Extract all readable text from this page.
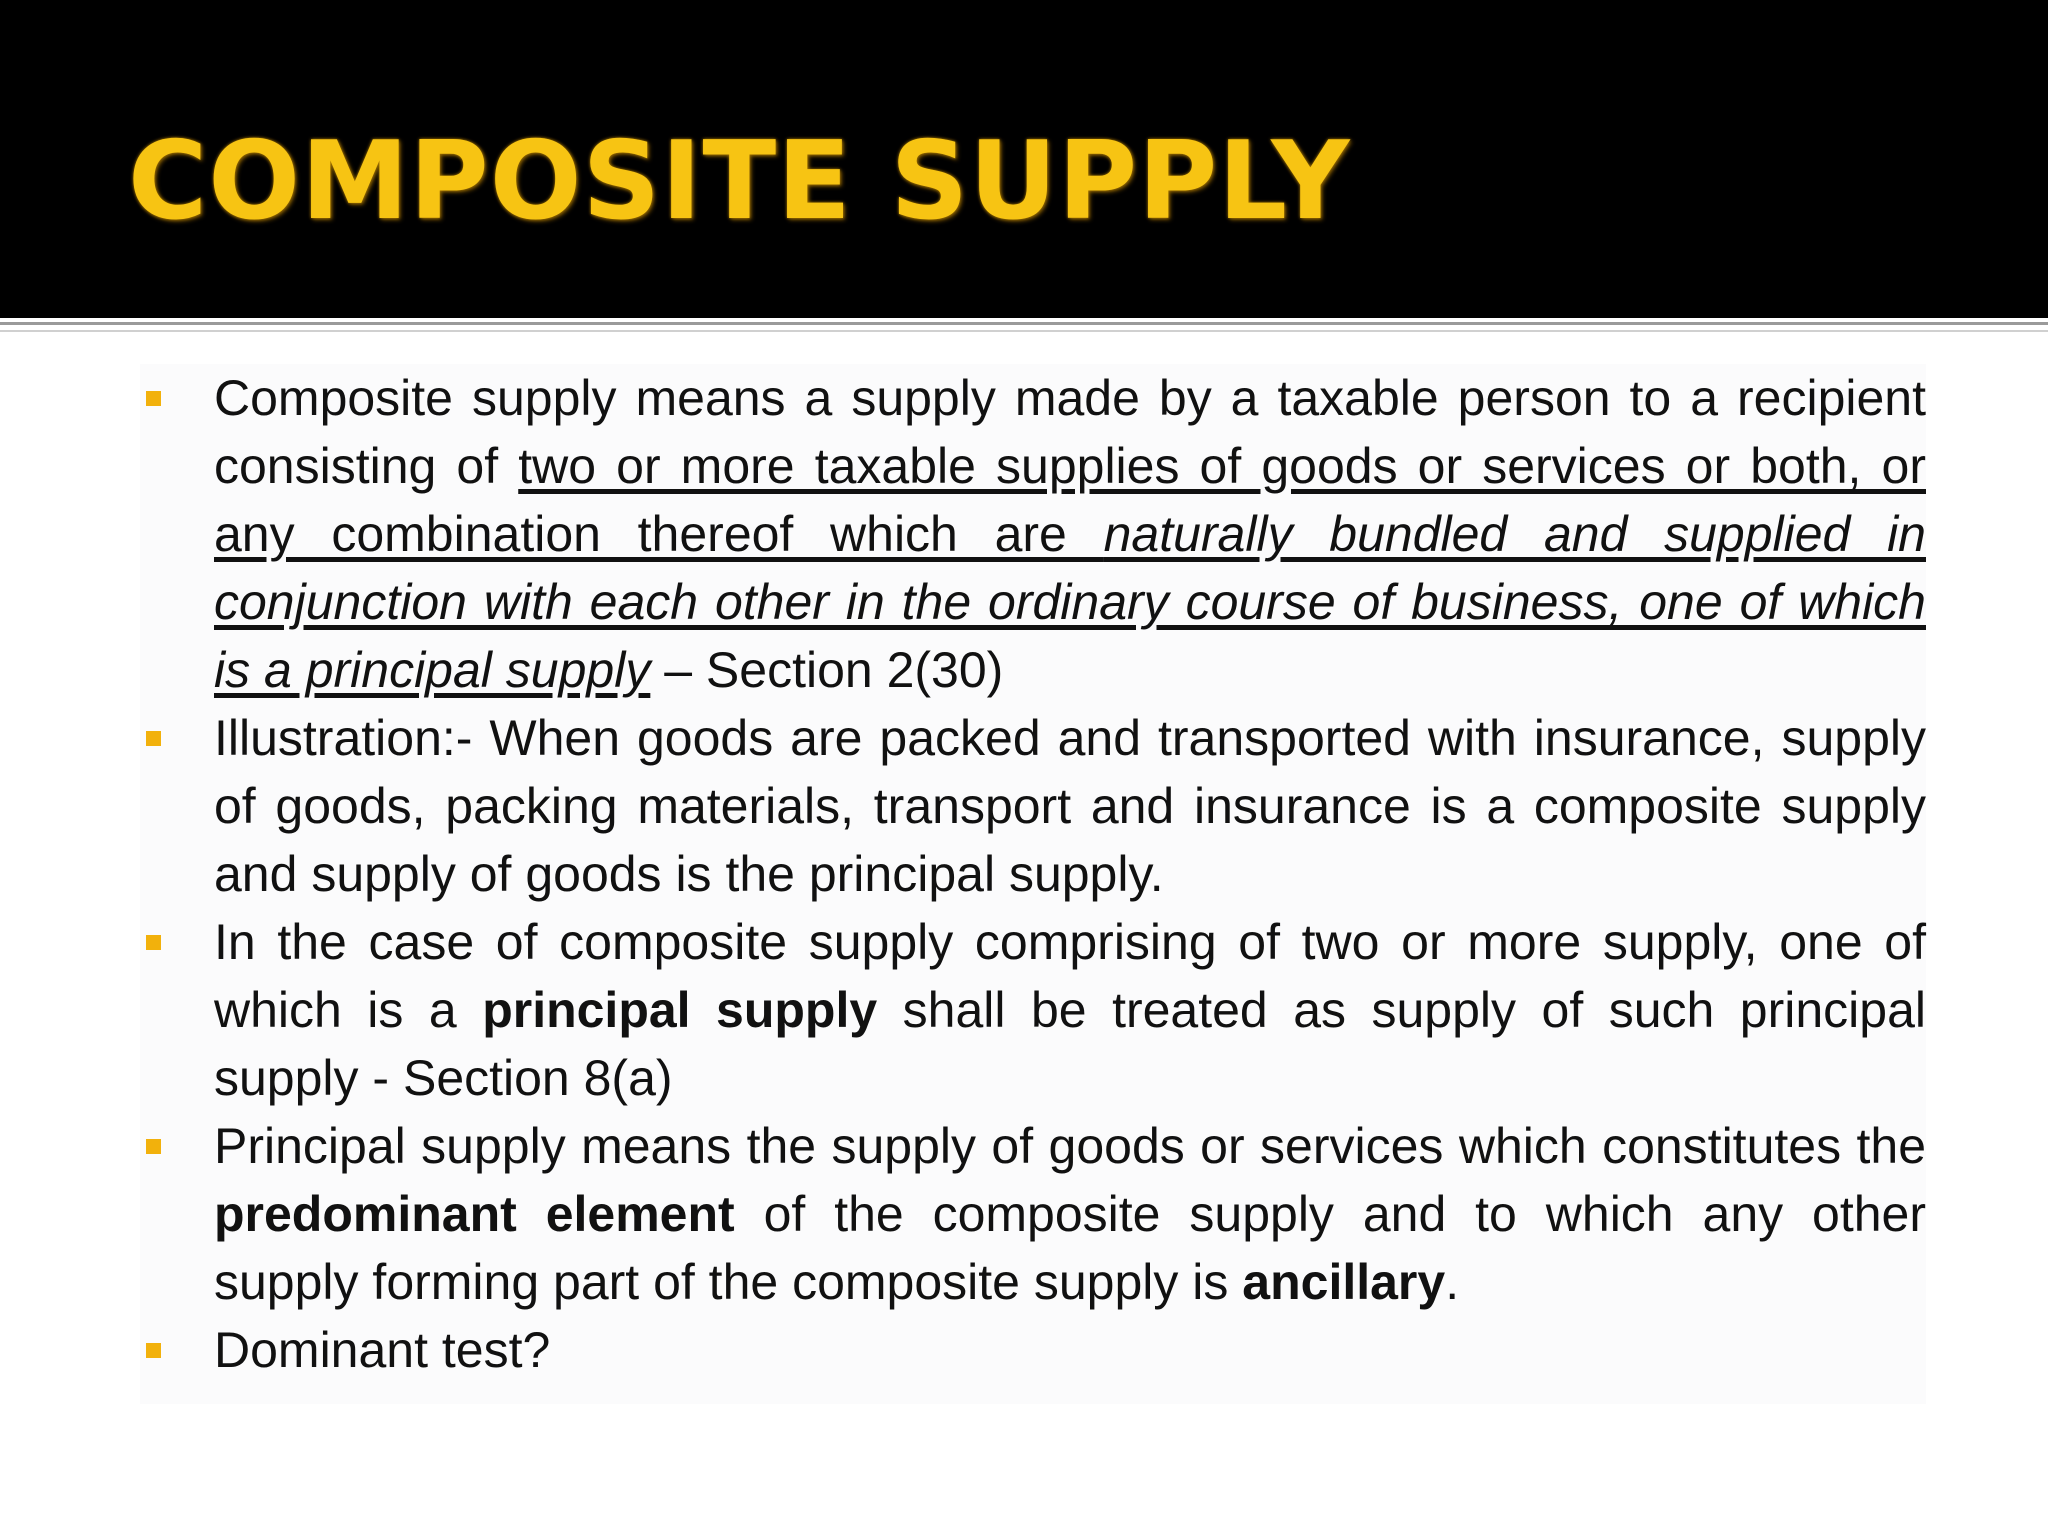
COMPOSITE SUPPLY

Composite supply means a supply made by a taxable person to a recipient consisting of two or more taxable supplies of goods or services or both, or any combination thereof which are naturally bundled and supplied in conjunction with each other in the ordinary course of business, one of which is a principal supply – Section 2(30)

Illustration:- When goods are packed and transported with insurance, supply of goods, packing materials, transport and insurance is a composite supply and supply of goods is the principal supply.

In the case of composite supply comprising of two or more supply, one of which is a principal supply shall be treated as supply of such principal supply - Section 8(a)

Principal supply means the supply of goods or services which constitutes the predominant element of the composite supply and to which any other supply forming part of the composite supply is ancillary.

Dominant test?
